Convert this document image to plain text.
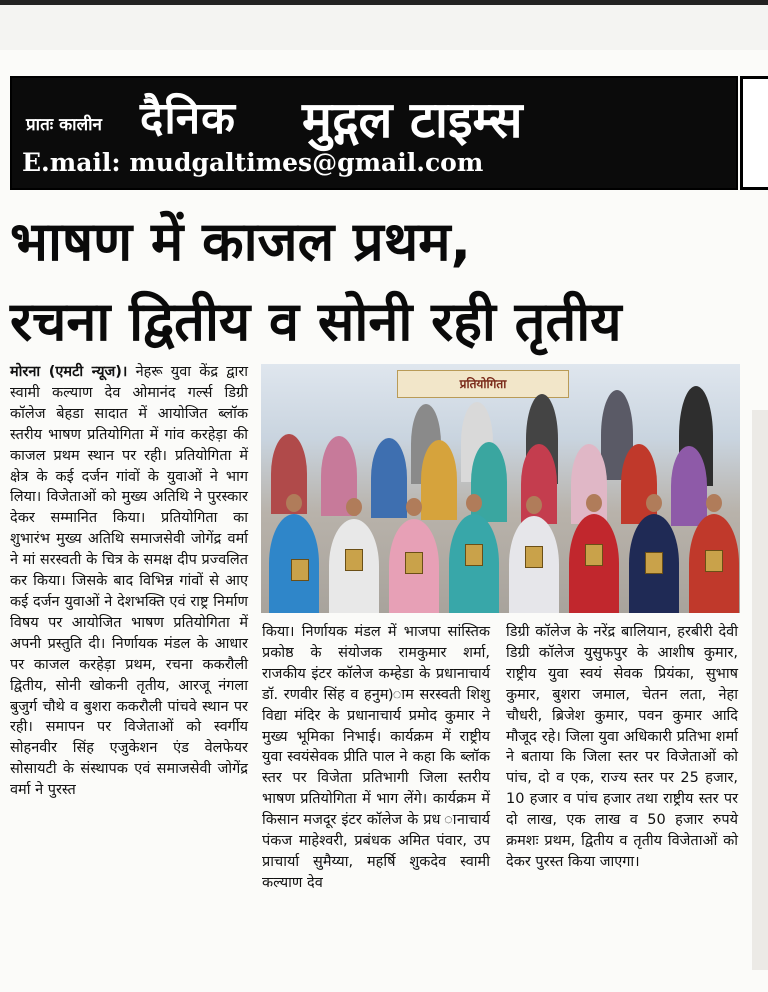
प्रातः कालीन दैनिक मुद्गल टाइम्स
E.mail: mudgaltimes@gmail.com
भाषण में काजल प्रथम,
रचना द्वितीय व सोनी रही तृतीय
मोरना (एमटी न्यूज)। नेहरू युवा केंद्र द्वारा स्वामी कल्याण देव ओमानंद गर्ल्स डिग्री कॉलेज बेहडा सादात में आयोजित ब्लॉक स्तरीय भाषण प्रतियोगिता में गांव करहेड़ा की काजल प्रथम स्थान पर रही। प्रतियोगिता में क्षेत्र के कई दर्जन गांवों के युवाओं ने भाग लिया। विजेताओं को मुख्य अतिथि ने पुरस्कार देकर सम्मानित किया। प्रतियोगिता का शुभारंभ मुख्य अतिथि समाजसेवी जोगेंद्र वर्मा ने मां सरस्वती के चित्र के समक्ष दीप प्रज्वलित कर किया। जिसके बाद विभिन्न गांवों से आए कई दर्जन युवाओं ने देशभक्ति एवं राष्ट्र निर्माण विषय पर आयोजित भाषण प्रतियोगिता में अपनी प्रस्तुति दी। निर्णायक मंडल के आधार पर काजल करहेड़ा प्रथम, रचना ककरौली द्वितीय, सोनी खोकनी तृतीय, आरजू नंगला बुजुर्ग चौथे व बुशरा ककरौली पांचवे स्थान पर रही। समापन पर विजेताओं को स्वर्गीय सोहनवीर सिंह एजुकेशन एंड वेलफेयर सोसायटी के संस्थापक एवं समाजसेवी जोगेंद्र वर्मा ने पुरस्त
प्रतियोगिता
किया। निर्णायक मंडल में भाजपा सांस्तिक प्रकोष्ठ के संयोजक रामकुमार शर्मा, राजकीय इंटर कॉलेज कम्हेडा के प्रधानाचार्य डॉ. रणवीर सिंह व हनुम)ाम सरस्वती शिशु विद्या मंदिर के प्रधानाचार्य प्रमोद कुमार ने मुख्य भूमिका निभाई। कार्यक्रम में राष्ट्रीय युवा स्वयंसेवक प्रीति पाल ने कहा कि ब्लॉक स्तर पर विजेता प्रतिभागी जिला स्तरीय भाषण प्रतियोगिता में भाग लेंगे। कार्यक्रम में किसान मजदूर इंटर कॉलेज के प्रध ानाचार्य पंकज माहेश्वरी, प्रबंधक अमित पंवार, उप प्राचार्या सुमैय्या, महर्षि शुकदेव स्वामी कल्याण देव
डिग्री कॉलेज के नरेंद्र बालियान, हरबीरी देवी डिग्री कॉलेज युसुफपुर के आशीष कुमार, राष्ट्रीय युवा स्वयं सेवक प्रियंका, सुभाष कुमार, बुशरा जमाल, चेतन लता, नेहा चौधरी, ब्रिजेश कुमार, पवन कुमार आदि मौजूद रहे। जिला युवा अधिकारी प्रतिभा शर्मा ने बताया कि जिला स्तर पर विजेताओं को पांच, दो व एक, राज्य स्तर पर 25 हजार, 10 हजार व पांच हजार तथा राष्ट्रीय स्तर पर दो लाख, एक लाख व 50 हजार रुपये क्रमशः प्रथम, द्वितीय व तृतीय विजेताओं को देकर पुरस्त किया जाएगा।
